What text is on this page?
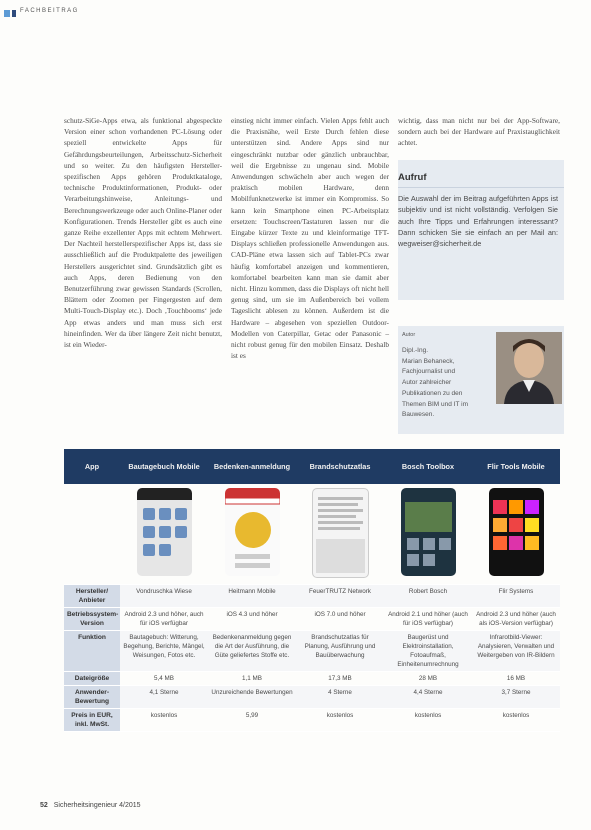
FACHBEITRAG
schutz-SiGe-Apps etwa, als funktional abgespeckte Version einer schon vorhandenen PC-Lösung oder speziell entwickelte Apps für Gefährdungsbeurteilungen, Arbeitsschutz-Sicherheit und so weiter. Zu den häufigsten Hersteller-spezifischen Apps gehören Produktkataloge, technische Produktinformationen, Produkt- oder Verarbeitungshinweise, Anleitungs- und Berechnungswerkzeuge oder auch Online-Planer oder Konfigurationen. Trends Hersteller gibt es auch eine ganze Reihe exzellenter Apps mit echtem Mehrwert. Der Nachteil herstellerspezifischer Apps ist, dass sie ausschließlich auf die Produktpalette des jeweiligen Herstellers ausgerichtet sind. Grundsätzlich gibt es auch Apps, deren Bedienung von den Benutzerführung zwar gewissen Standards (Scrollen, Blättern oder Zoomen per Fingergesten auf dem Multi-Touch-Display etc.). Doch ‚Touchbooms‘ jede App etwas anders und man muss sich erst hineinfinden. Wer da über längere Zeit nicht benutzt, ist ein Wieder-
einstieg nicht immer einfach. Vielen Apps fehlt auch die Praxisnähe, weil Erste Durch fehlen diese unterstützen sind. Andere Apps sind nur eingeschränkt nutzbar oder gänzlich unbrauchbar, weil die Ergebnisse zu ungenau sind. Mobile Anwendungen schwächeln aber auch wegen der praktisch mobilen Hardware, denn Mobilfunknetzwerke ist immer ein Kompromiss. So kann kein Smartphone einen PC-Arbeitsplatz ersetzen: Touchscreen/Tastaturen lassen nur die Eingabe kürzer Texte zu und kleinformatige TFT-Displays schließen professionelle Anwendungen aus. CAD-Pläne etwa lassen sich auf Tablet-PCs zwar häufig komfortabel anzeigen und kommentieren, komfortabel bearbeiten kann man sie damit aber nicht. Hinzu kommen, dass die Displays oft nicht hell genug sind, um sie im Außenbereich bei vollem Tageslicht ablesen zu können. Außerdem ist die Hardware – abgesehen von speziellen Outdoor-Modellen von Caterpillar, Getac oder Panasonic – nicht robust genug für den mobilen Einsatz. Deshalb ist es
wichtig, dass man nicht nur bei der App-Software, sondern auch bei der Hardware auf Praxistauglichkeit achtet.
Aufruf

Die Auswahl der im Beitrag aufgeführten Apps ist subjektiv und ist nicht vollständig. Verfolgen Sie auch Ihre Tipps und Erfahrungen interessant? Dann schicken Sie sie einfach an per Mail an: wegweiser@sicherheit.de

Autor
Dipl.-Ing.
Marian Behaneck,
Fachjournalist und
Autor zahlreicher
Publikationen zu den
Themen BIM und IT im Bauwesen.
App	Bautagebuch Mobile	Bedenken-anmeldung	Brandschutzatlas	Bosch Toolbox	Flir Tools Mobile

Hersteller/ Anbieter	Vondruschka Wiese	Heitmann Mobile	FeuerTRUTZ Network	Robert Bosch	Flir Systems
Betriebssystem-Version	Android 2.3 und höher, auch für iOS verfügbar	iOS 4.3 und höher	iOS 7.0 und höher	Android 2.1 und höher (auch für iOS verfügbar)	Android 2.3 und höher (auch als iOS-Version verfügbar)
Funktion	Bautagebuch: Witterung, Begehung, Berichte, Mängel, Weisungen, Fotos etc.	Bedenkenanmeldung gegen die Art der Ausführung, die Güte geliefertes Stoffe etc.	Brandschutzatlas für Planung, Ausführung und Bauüberwachung	Baugerüst und Elektroinstallation, Fotoaufmaß, Einheitenumrechnung	Infrarotbild-Viewer: Analysieren, Verwalten und Weitergeben von IR-Bildern
Dateigröße	5,4 MB	1,1 MB	17,3 MB	28 MB	16 MB
Anwender-Bewertung	4,1 Sterne	Unzureichende Bewertungen	4 Sterne	4,4 Sterne	3,7 Sterne
Preis in EUR, inkl. MwSt.	kostenlos	5,99	kostenlos	kostenlos	kostenlos
52 Sicherheitsingenieur 4/2015
